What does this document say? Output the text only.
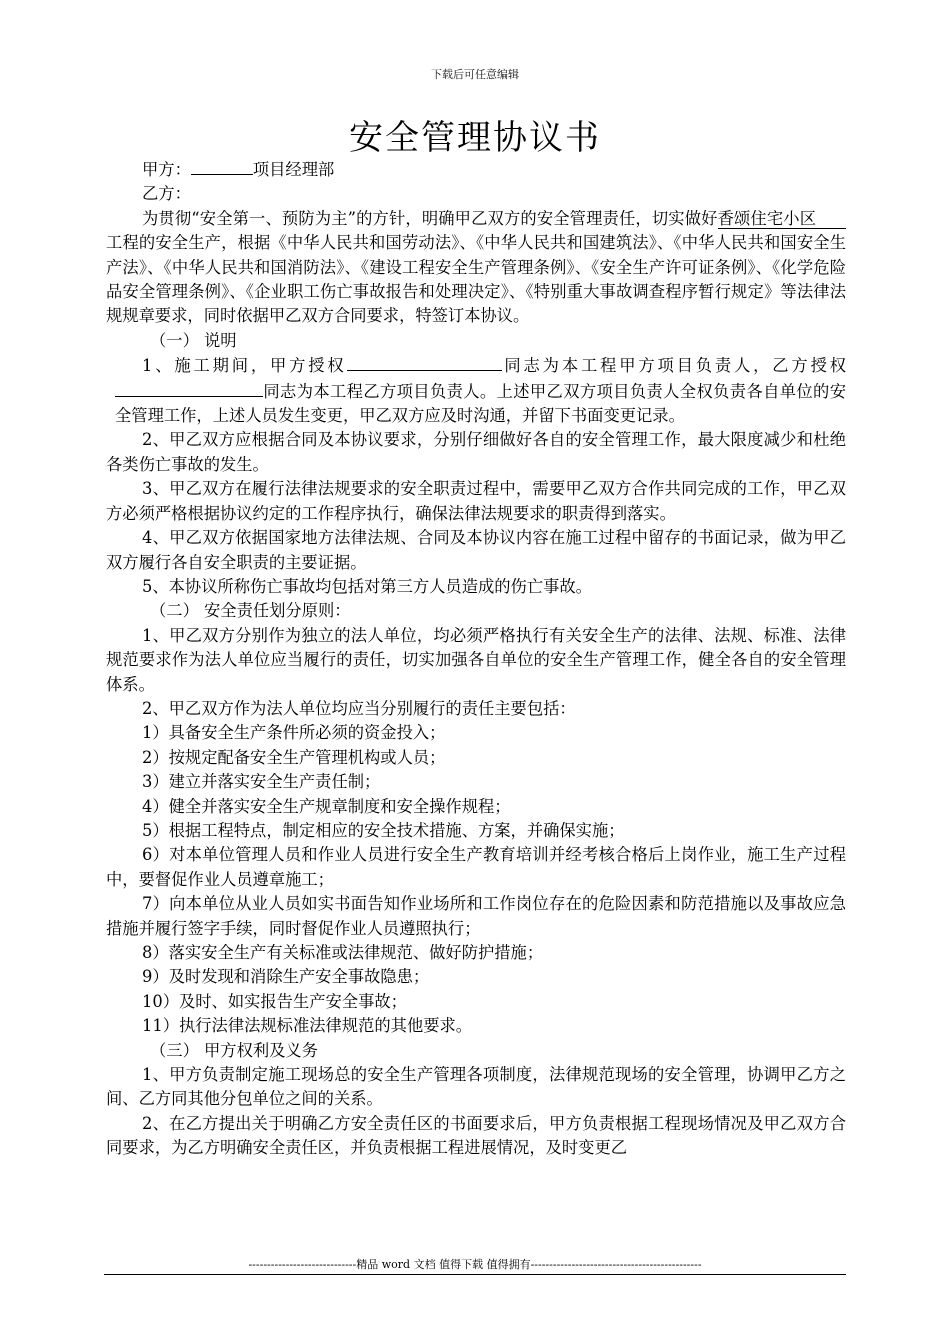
下载后可任意编辑
安全管理协议书

甲方：	项目经理部

乙方：

为贯彻“安全第一、预防为主”的方针，明确甲乙双方的安全管理责任，切实做好香颂住宅小区工程的安全生产，根据《中华人民共和国劳动法》、《中华人民共和国建筑法》、《中华人民共和国安全生产法》、《中华人民共和国消防法》、《建设工程安全生产管理条例》、《安全生产许可证条例》、《化学危险品安全管理条例》、《企业职工伤亡事故报告和处理决定》、《特别重大事故调查程序暂行规定》等法律法规规章要求，同时依据甲乙双方合同要求，特签订本协议。

（一） 说明

1、施工期间，甲方授权	同志为本工程甲方项目负责人，乙方授权同志为本工程乙方项目负责人。上述甲乙双方项目负责人全权负责各自单位的安全管理工作，上述人员发生变更，甲乙双方应及时沟通，并留下书面变更记录。

2、甲乙双方应根据合同及本协议要求，分别仔细做好各自的安全管理工作，最大限度减少和杜绝各类伤亡事故的发生。

3、甲乙双方在履行法律法规要求的安全职责过程中，需要甲乙双方合作共同完成的工作，甲乙双方必须严格根据协议约定的工作程序执行，确保法律法规要求的职责得到落实。

4、甲乙双方依据国家地方法律法规、合同及本协议内容在施工过程中留存的书面记录，做为甲乙双方履行各自安全职责的主要证据。

5、本协议所称伤亡事故均包括对第三方人员造成的伤亡事故。

（二） 安全责任划分原则：

1、甲乙双方分别作为独立的法人单位，均必须严格执行有关安全生产的法律、法规、标准、法律规范要求作为法人单位应当履行的责任，切实加强各自单位的安全生产管理工作，健全各自的安全管理体系。

2、甲乙双方作为法人单位均应当分别履行的责任主要包括：

1）具备安全生产条件所必须的资金投入；

2）按规定配备安全生产管理机构或人员；

3）建立并落实安全生产责任制；

4）健全并落实安全生产规章制度和安全操作规程；

5）根据工程特点，制定相应的安全技术措施、方案，并确保实施；

6）对本单位管理人员和作业人员进行安全生产教育培训并经考核合格后上岗作业，施工生产过程中，要督促作业人员遵章施工；

7）向本单位从业人员如实书面告知作业场所和工作岗位存在的危险因素和防范措施以及事故应急措施并履行签字手续，同时督促作业人员遵照执行；

8）落实安全生产有关标准或法律规范、做好防护措施；

9）及时发现和消除生产安全事故隐患；

10）及时、如实报告生产安全事故；

11）执行法律法规标准法律规范的其他要求。

（三） 甲方权利及义务

1、甲方负责制定施工现场总的安全生产管理各项制度，法律规范现场的安全管理，协调甲乙方之间、乙方同其他分包单位之间的关系。

2、在乙方提出关于明确乙方安全责任区的书面要求后，甲方负责根据工程现场情况及甲乙双方合同要求，为乙方明确安全责任区，并负责根据工程进展情况，及时变更乙

-----------------------------精品 word 文档 值得下载 值得拥有----------------------------------------------
